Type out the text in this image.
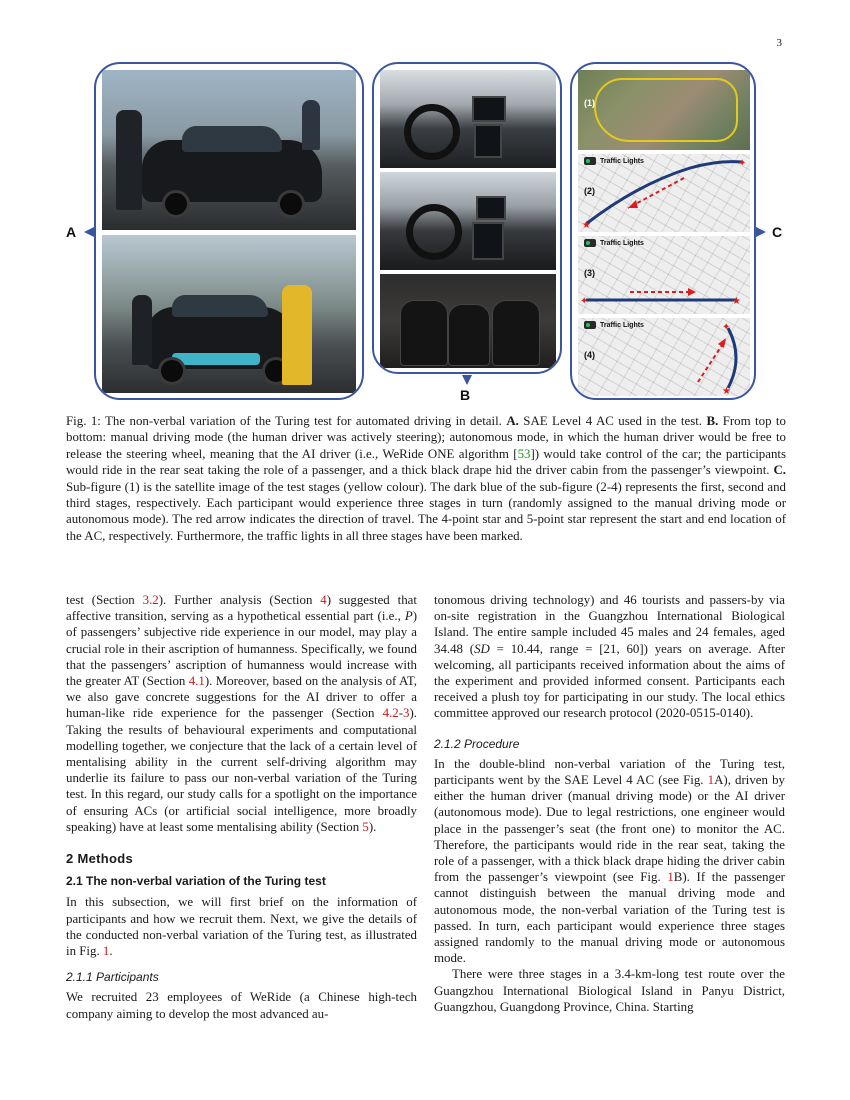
3
A
B
C
(1)
✦
★
Traffic Lights
(2)
✦	★
Traffic Lights
(3)
✦
★
Traffic Lights
(4)

Fig. 1: The non-verbal variation of the Turing test for automated driving in detail. A. SAE Level 4 AC used in the test. B. From top to bottom: manual driving mode (the human driver was actively steering); autonomous mode, in which the human driver would be free to release the steering wheel, meaning that the AI driver (i.e., WeRide ONE algorithm [53]) would take control of the car; the participants would ride in the rear seat taking the role of a passenger, and a thick black drape hid the driver cabin from the passenger’s viewpoint. C. Sub-figure (1) is the satellite image of the test stages (yellow colour). The dark blue of the sub-figure (2-4) represents the first, second and third stages, respectively. Each participant would experience three stages in turn (randomly assigned to the manual driving mode or autonomous mode). The red arrow indicates the direction of travel. The 4-point star and 5-point star represent the start and end location of the AC, respectively. Furthermore, the traffic lights in all three stages have been marked.

test (Section 3.2). Further analysis (Section 4) suggested that affective transition, serving as a hypothetical essential part (i.e., P) of passengers’ subjective ride experience in our model, may play a crucial role in their ascription of humanness. Specifically, we found that the passengers’ ascription of humanness would increase with the greater AT (Section 4.1). Moreover, based on the analysis of AT, we also gave concrete suggestions for the AI driver to offer a human-like ride experience for the passenger (Section 4.2-3). Taking the results of behavioural experiments and computational modelling together, we conjecture that the lack of a certain level of mentalising ability in the current self-driving algorithm may underlie its failure to pass our non-verbal variation of the Turing test. In this regard, our study calls for a spotlight on the importance of ensuring ACs (or artificial social intelligence, more broadly speaking) have at least some mentalising ability (Section 5).

2 Methods
2.1 The non-verbal variation of the Turing test

In this subsection, we will first brief on the information of participants and how we recruit them. Next, we give the details of the conducted non-verbal variation of the Turing test, as illustrated in Fig. 1.

2.1.1 Participants

We recruited 23 employees of WeRide (a Chinese high-tech company aiming to develop the most advanced au-

tonomous driving technology) and 46 tourists and passers-by via on-site registration in the Guangzhou International Biological Island. The entire sample included 45 males and 24 females, aged 34.48 (SD = 10.44, range = [21, 60]) years on average. After welcoming, all participants received information about the aims of the experiment and provided informed consent. Participants each received a plush toy for participating in our study. The local ethics committee approved our research protocol (2020-0515-0140).

2.1.2 Procedure

In the double-blind non-verbal variation of the Turing test, participants went by the SAE Level 4 AC (see Fig. 1A), driven by either the human driver (manual driving mode) or the AI driver (autonomous mode). Due to legal restrictions, one engineer would place in the passenger’s seat (the front one) to monitor the AC. Therefore, the participants would ride in the rear seat, taking the role of a passenger, with a thick black drape hiding the driver cabin from the passenger’s viewpoint (see Fig. 1B). If the passenger cannot distinguish between the manual driving mode and autonomous mode, the non-verbal variation of the Turing test is passed. In turn, each participant would experience three stages assigned randomly to the manual driving mode or autonomous mode.

There were three stages in a 3.4-km-long test route over the Guangzhou International Biological Island in Panyu District, Guangzhou, Guangdong Province, China. Starting
